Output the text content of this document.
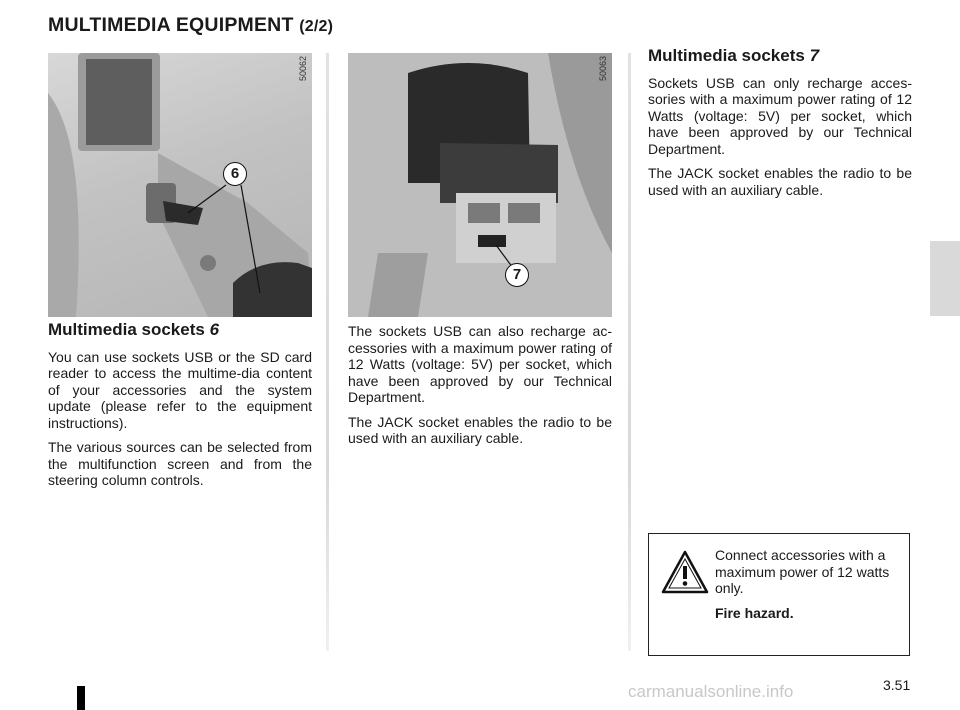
MULTIMEDIA EQUIPMENT (2/2)
50062
6
50063
7
Multimedia sockets 6

You can use sockets USB or the SD card reader to access the multime-dia content of your accessories and the system update (please refer to the equipment instructions).

The various sources can be selected from the multifunction screen and from the steering column controls.

The sockets USB can also recharge ac-cessories with a maximum power rating of 12 Watts (voltage: 5V) per socket, which have been approved by our Technical Department.

The JACK socket enables the radio to be used with an auxiliary cable.

Multimedia sockets 7

Sockets USB can only recharge acces-sories with a maximum power rating of 12 Watts (voltage: 5V) per socket, which have been approved by our Technical Department.

The JACK socket enables the radio to be used with an auxiliary cable.

Connect accessories with a maximum power of 12 watts only.

Fire hazard.

3.51
carmanualsonline.info
